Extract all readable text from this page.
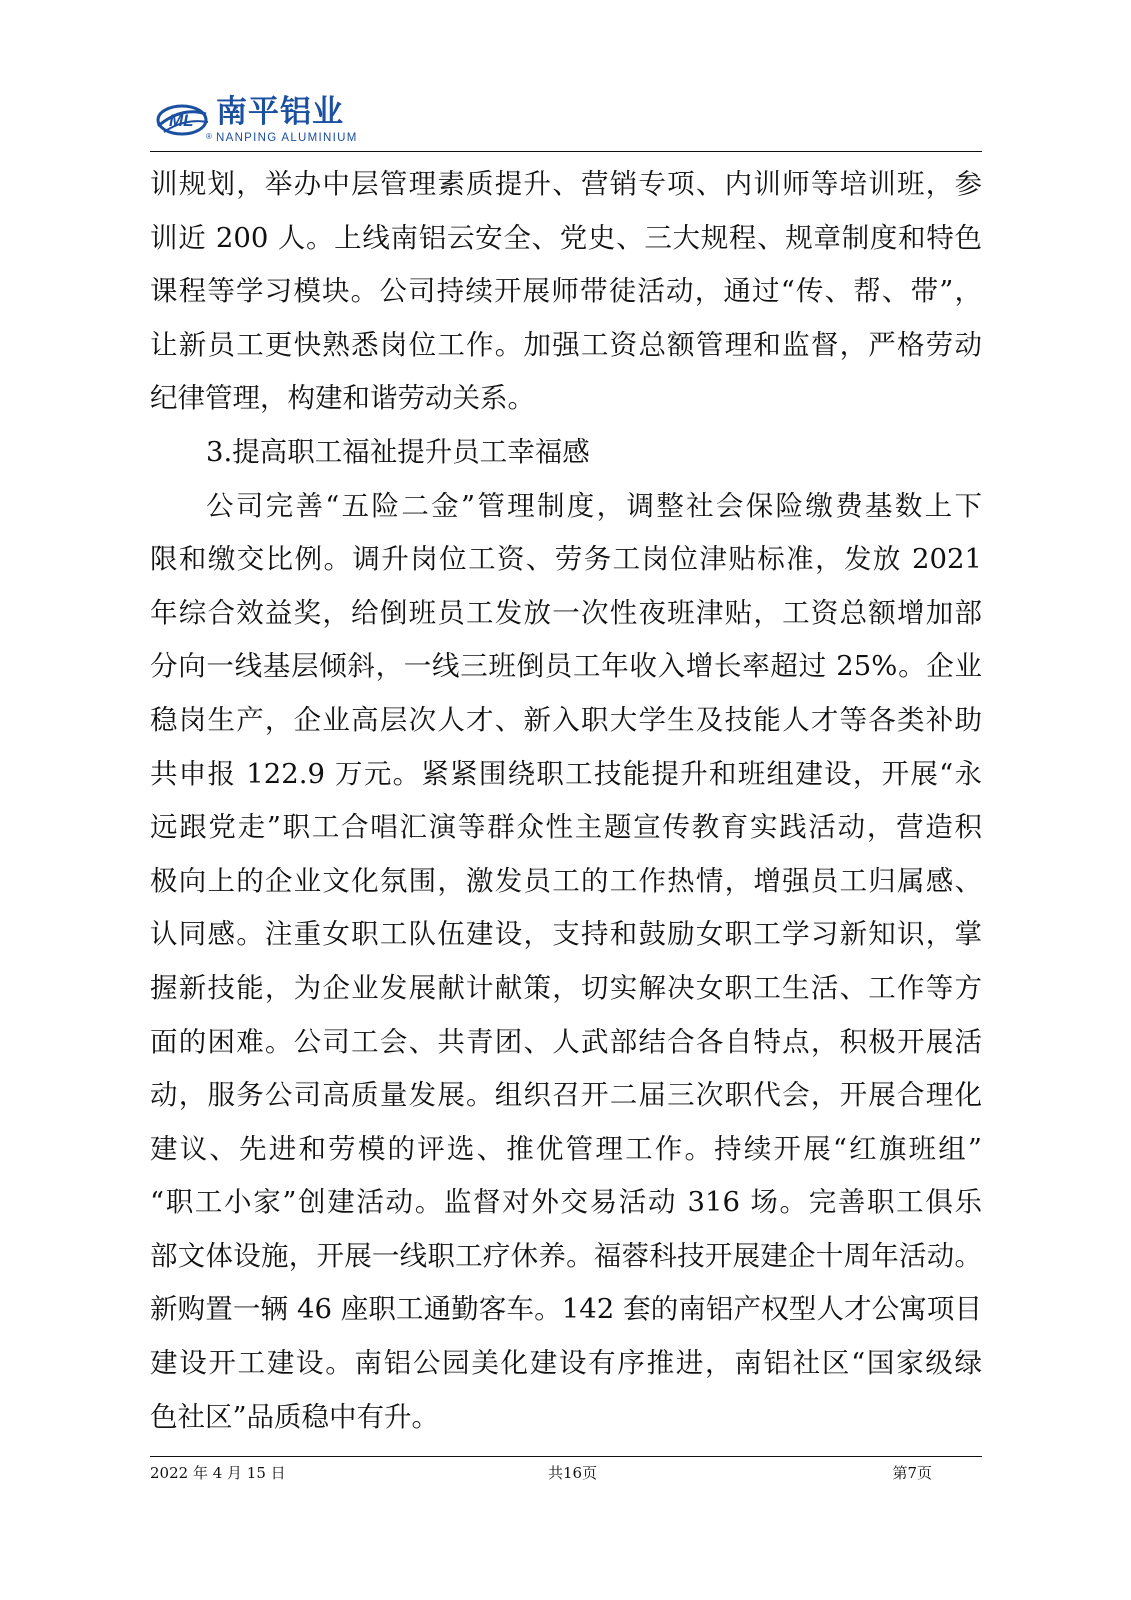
ML
®
南平铝业
NANPING ALUMINIUM
训规划，举办中层管理素质提升、营销专项、内训师等培训班，参
训近 200 人。上线南铝云安全、党史、三大规程、规章制度和特色
课程等学习模块。公司持续开展师带徒活动，通过“传、帮、带”，
让新员工更快熟悉岗位工作。加强工资总额管理和监督，严格劳动
纪律管理，构建和谐劳动关系。
3.提高职工福祉提升员工幸福感
公司完善“五险二金”管理制度，调整社会保险缴费基数上下
限和缴交比例。调升岗位工资、劳务工岗位津贴标准，发放 2021
年综合效益奖，给倒班员工发放一次性夜班津贴，工资总额增加部
分向一线基层倾斜，一线三班倒员工年收入增长率超过 25%。企业
稳岗生产，企业高层次人才、新入职大学生及技能人才等各类补助
共申报 122.9 万元。紧紧围绕职工技能提升和班组建设，开展“永
远跟党走”职工合唱汇演等群众性主题宣传教育实践活动，营造积
极向上的企业文化氛围，激发员工的工作热情，增强员工归属感、
认同感。注重女职工队伍建设，支持和鼓励女职工学习新知识，掌
握新技能，为企业发展献计献策，切实解决女职工生活、工作等方
面的困难。公司工会、共青团、人武部结合各自特点，积极开展活
动，服务公司高质量发展。组织召开二届三次职代会，开展合理化
建议、先进和劳模的评选、推优管理工作。持续开展“红旗班组”
“职工小家”创建活动。监督对外交易活动 316 场。完善职工俱乐
部文体设施，开展一线职工疗休养。福蓉科技开展建企十周年活动。
新购置一辆 46 座职工通勤客车。142 套的南铝产权型人才公寓项目
建设开工建设。南铝公园美化建设有序推进，南铝社区“国家级绿
色社区”品质稳中有升。
2022 年 4 月 15 日	共16页	第7页
